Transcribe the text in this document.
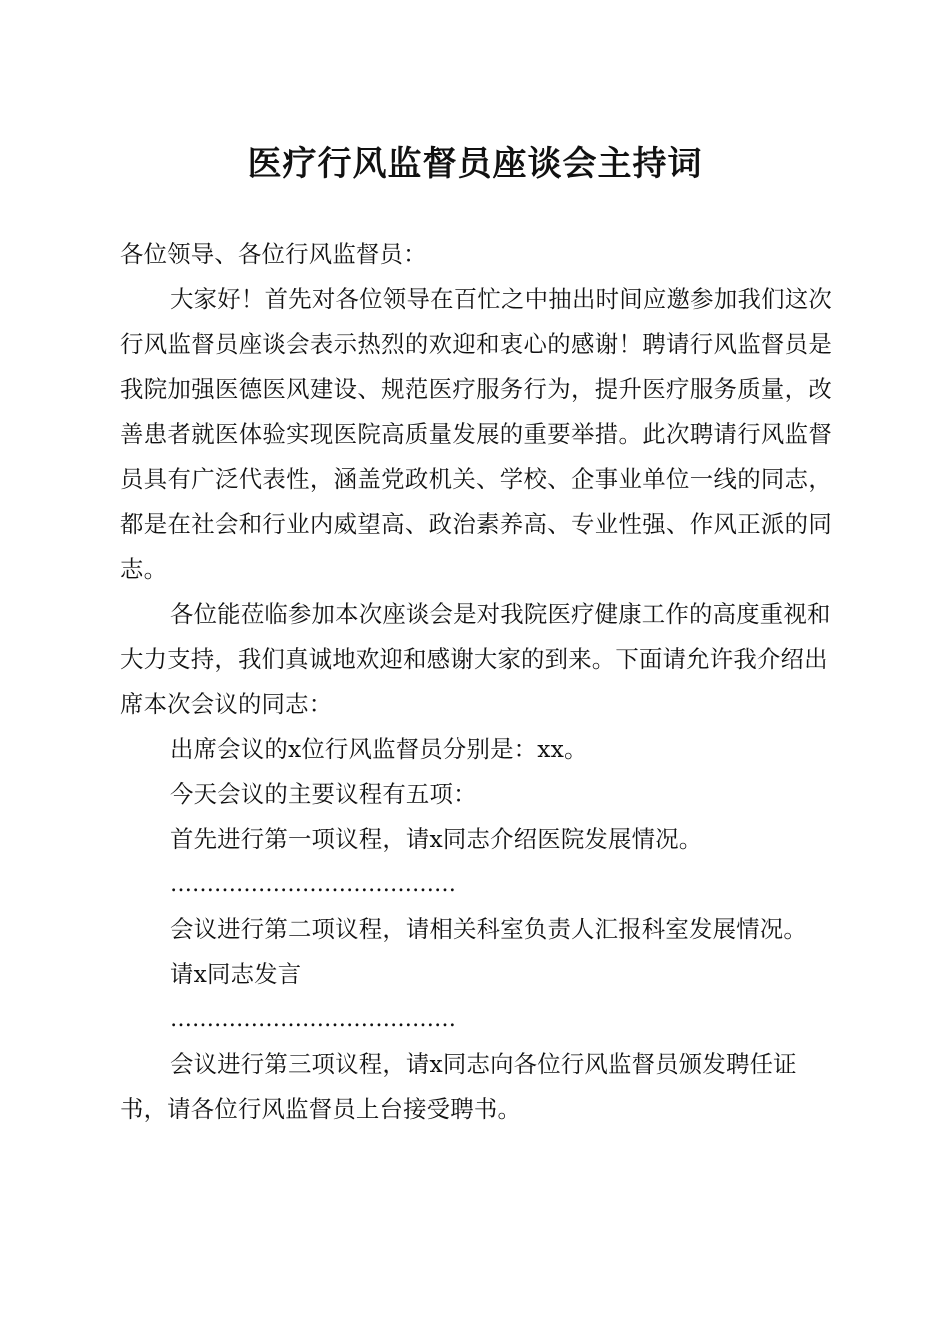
医疗行风监督员座谈会主持词

各位领导、各位行风监督员：

大家好！首先对各位领导在百忙之中抽出时间应邀参加我们这次行风监督员座谈会表示热烈的欢迎和衷心的感谢！聘请行风监督员是我院加强医德医风建设、规范医疗服务行为，提升医疗服务质量，改善患者就医体验实现医院高质量发展的重要举措。此次聘请行风监督员具有广泛代表性，涵盖党政机关、学校、企事业单位一线的同志，都是在社会和行业内威望高、政治素养高、专业性强、作风正派的同志。

各位能莅临参加本次座谈会是对我院医疗健康工作的高度重视和大力支持，我们真诚地欢迎和感谢大家的到来。下面请允许我介绍出席本次会议的同志：

出席会议的x位行风监督员分别是：xx。

今天会议的主要议程有五项：

首先进行第一项议程，请x同志介绍医院发展情况。

…………………………………

会议进行第二项议程，请相关科室负责人汇报科室发展情况。

请x同志发言

…………………………………

会议进行第三项议程，请x同志向各位行风监督员颁发聘任证书，请各位行风监督员上台接受聘书。
